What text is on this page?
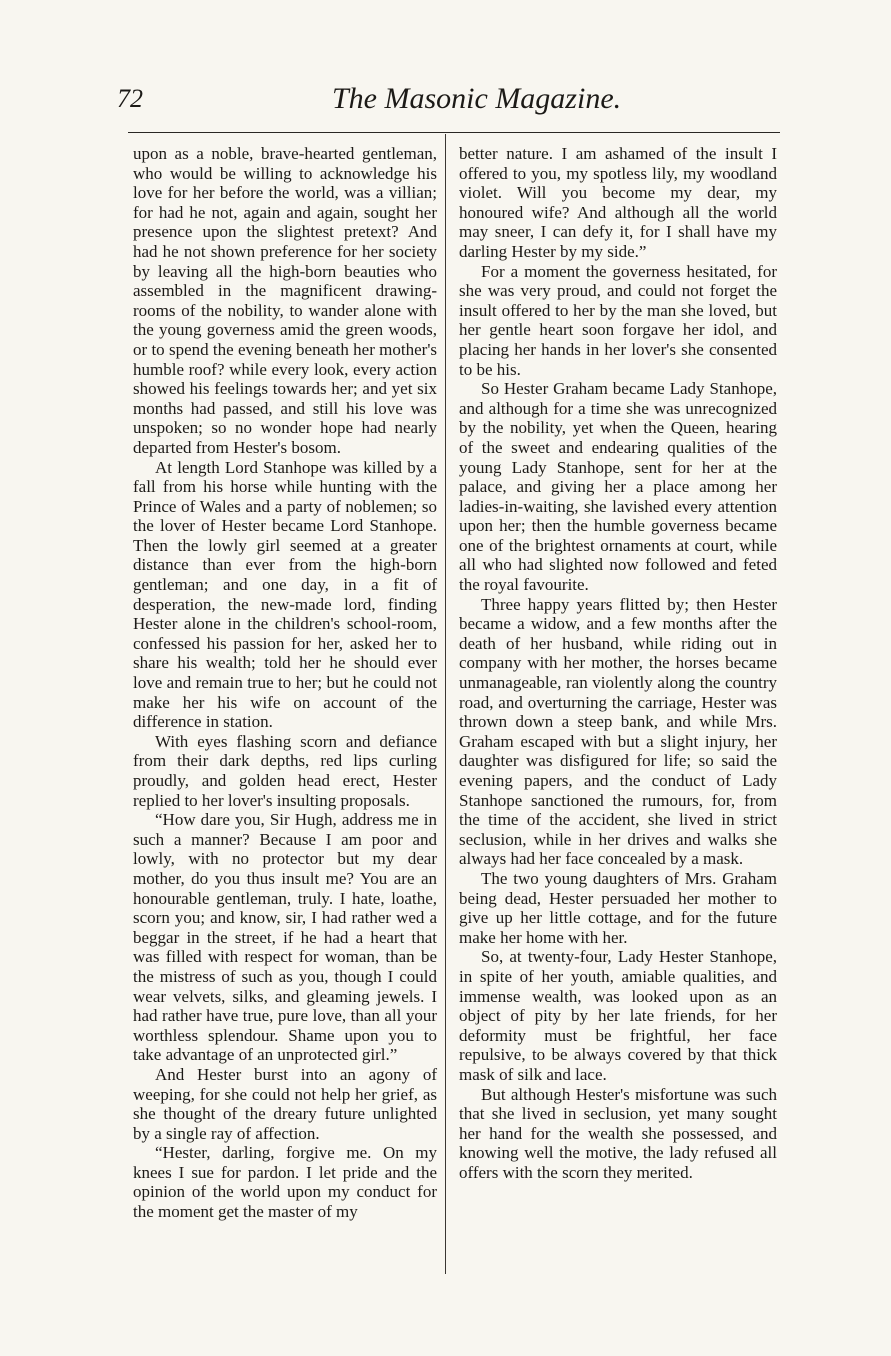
72	The Masonic Magazine.

upon as a noble, brave-hearted gentleman, who would be willing to acknowledge his love for her before the world, was a villian; for had he not, again and again, sought her presence upon the slightest pretext? And had he not shown preference for her society by leaving all the high-born beauties who assembled in the magnificent drawing-rooms of the nobility, to wander alone with the young governess amid the green woods, or to spend the evening beneath her mother's humble roof? while every look, every action showed his feelings towards her; and yet six months had passed, and still his love was unspoken; so no wonder hope had nearly departed from Hester's bosom.

At length Lord Stanhope was killed by a fall from his horse while hunting with the Prince of Wales and a party of noblemen; so the lover of Hester became Lord Stanhope. Then the lowly girl seemed at a greater distance than ever from the high-born gentleman; and one day, in a fit of desperation, the new-made lord, finding Hester alone in the children's school-room, confessed his passion for her, asked her to share his wealth; told her he should ever love and remain true to her; but he could not make her his wife on account of the difference in station.

With eyes flashing scorn and defiance from their dark depths, red lips curling proudly, and golden head erect, Hester replied to her lover's insulting proposals.

“How dare you, Sir Hugh, address me in such a manner? Because I am poor and lowly, with no protector but my dear mother, do you thus insult me? You are an honourable gentleman, truly. I hate, loathe, scorn you; and know, sir, I had rather wed a beggar in the street, if he had a heart that was filled with respect for woman, than be the mistress of such as you, though I could wear velvets, silks, and gleaming jewels. I had rather have true, pure love, than all your worthless splendour. Shame upon you to take advantage of an unprotected girl.”

And Hester burst into an agony of weeping, for she could not help her grief, as she thought of the dreary future unlighted by a single ray of affection.

“Hester, darling, forgive me. On my knees I sue for pardon. I let pride and the opinion of the world upon my conduct for the moment get the master of my

better nature. I am ashamed of the insult I offered to you, my spotless lily, my woodland violet. Will you become my dear, my honoured wife? And although all the world may sneer, I can defy it, for I shall have my darling Hester by my side.”

For a moment the governess hesitated, for she was very proud, and could not forget the insult offered to her by the man she loved, but her gentle heart soon forgave her idol, and placing her hands in her lover's she consented to be his.

So Hester Graham became Lady Stanhope, and although for a time she was unrecognized by the nobility, yet when the Queen, hearing of the sweet and endearing qualities of the young Lady Stanhope, sent for her at the palace, and giving her a place among her ladies-in-waiting, she lavished every attention upon her; then the humble governess became one of the brightest ornaments at court, while all who had slighted now followed and feted the royal favourite.

Three happy years flitted by; then Hester became a widow, and a few months after the death of her husband, while riding out in company with her mother, the horses became unmanageable, ran violently along the country road, and overturning the carriage, Hester was thrown down a steep bank, and while Mrs. Graham escaped with but a slight injury, her daughter was disfigured for life; so said the evening papers, and the conduct of Lady Stanhope sanctioned the rumours, for, from the time of the accident, she lived in strict seclusion, while in her drives and walks she always had her face concealed by a mask.

The two young daughters of Mrs. Graham being dead, Hester persuaded her mother to give up her little cottage, and for the future make her home with her.

So, at twenty-four, Lady Hester Stanhope, in spite of her youth, amiable qualities, and immense wealth, was looked upon as an object of pity by her late friends, for her deformity must be frightful, her face repulsive, to be always covered by that thick mask of silk and lace.

But although Hester's misfortune was such that she lived in seclusion, yet many sought her hand for the wealth she possessed, and knowing well the motive, the lady refused all offers with the scorn they merited.
